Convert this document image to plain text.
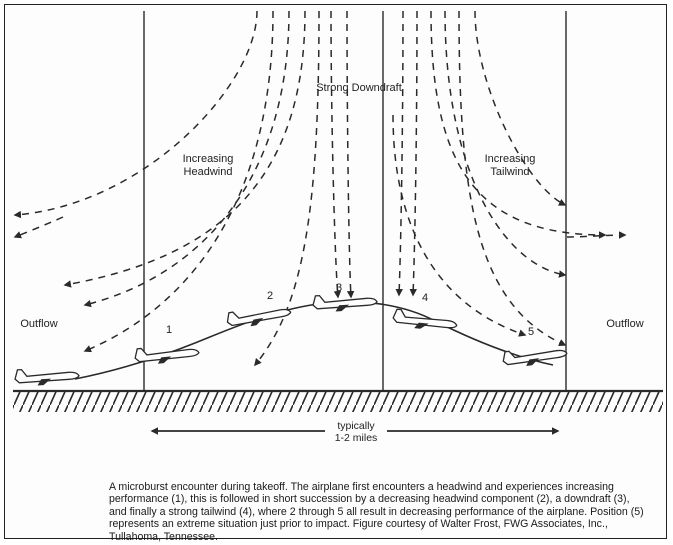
Strong Downdraft
Increasing
Headwind
Increasing
Tailwind
Outflow	Outflow
1
2
3
4
5
typically
1-2 miles
A microburst encounter during takeoff. The airplane first encounters a headwind and experiences increasing performance (1), this is followed in short succession by a decreasing headwind component (2), a downdraft (3), and finally a strong tailwind (4), where 2 through 5 all result in decreasing performance of the airplane. Position (5) represents an extreme situation just prior to impact. Figure courtesy of Walter Frost, FWG Associates, Inc., Tullahoma, Tennessee.
